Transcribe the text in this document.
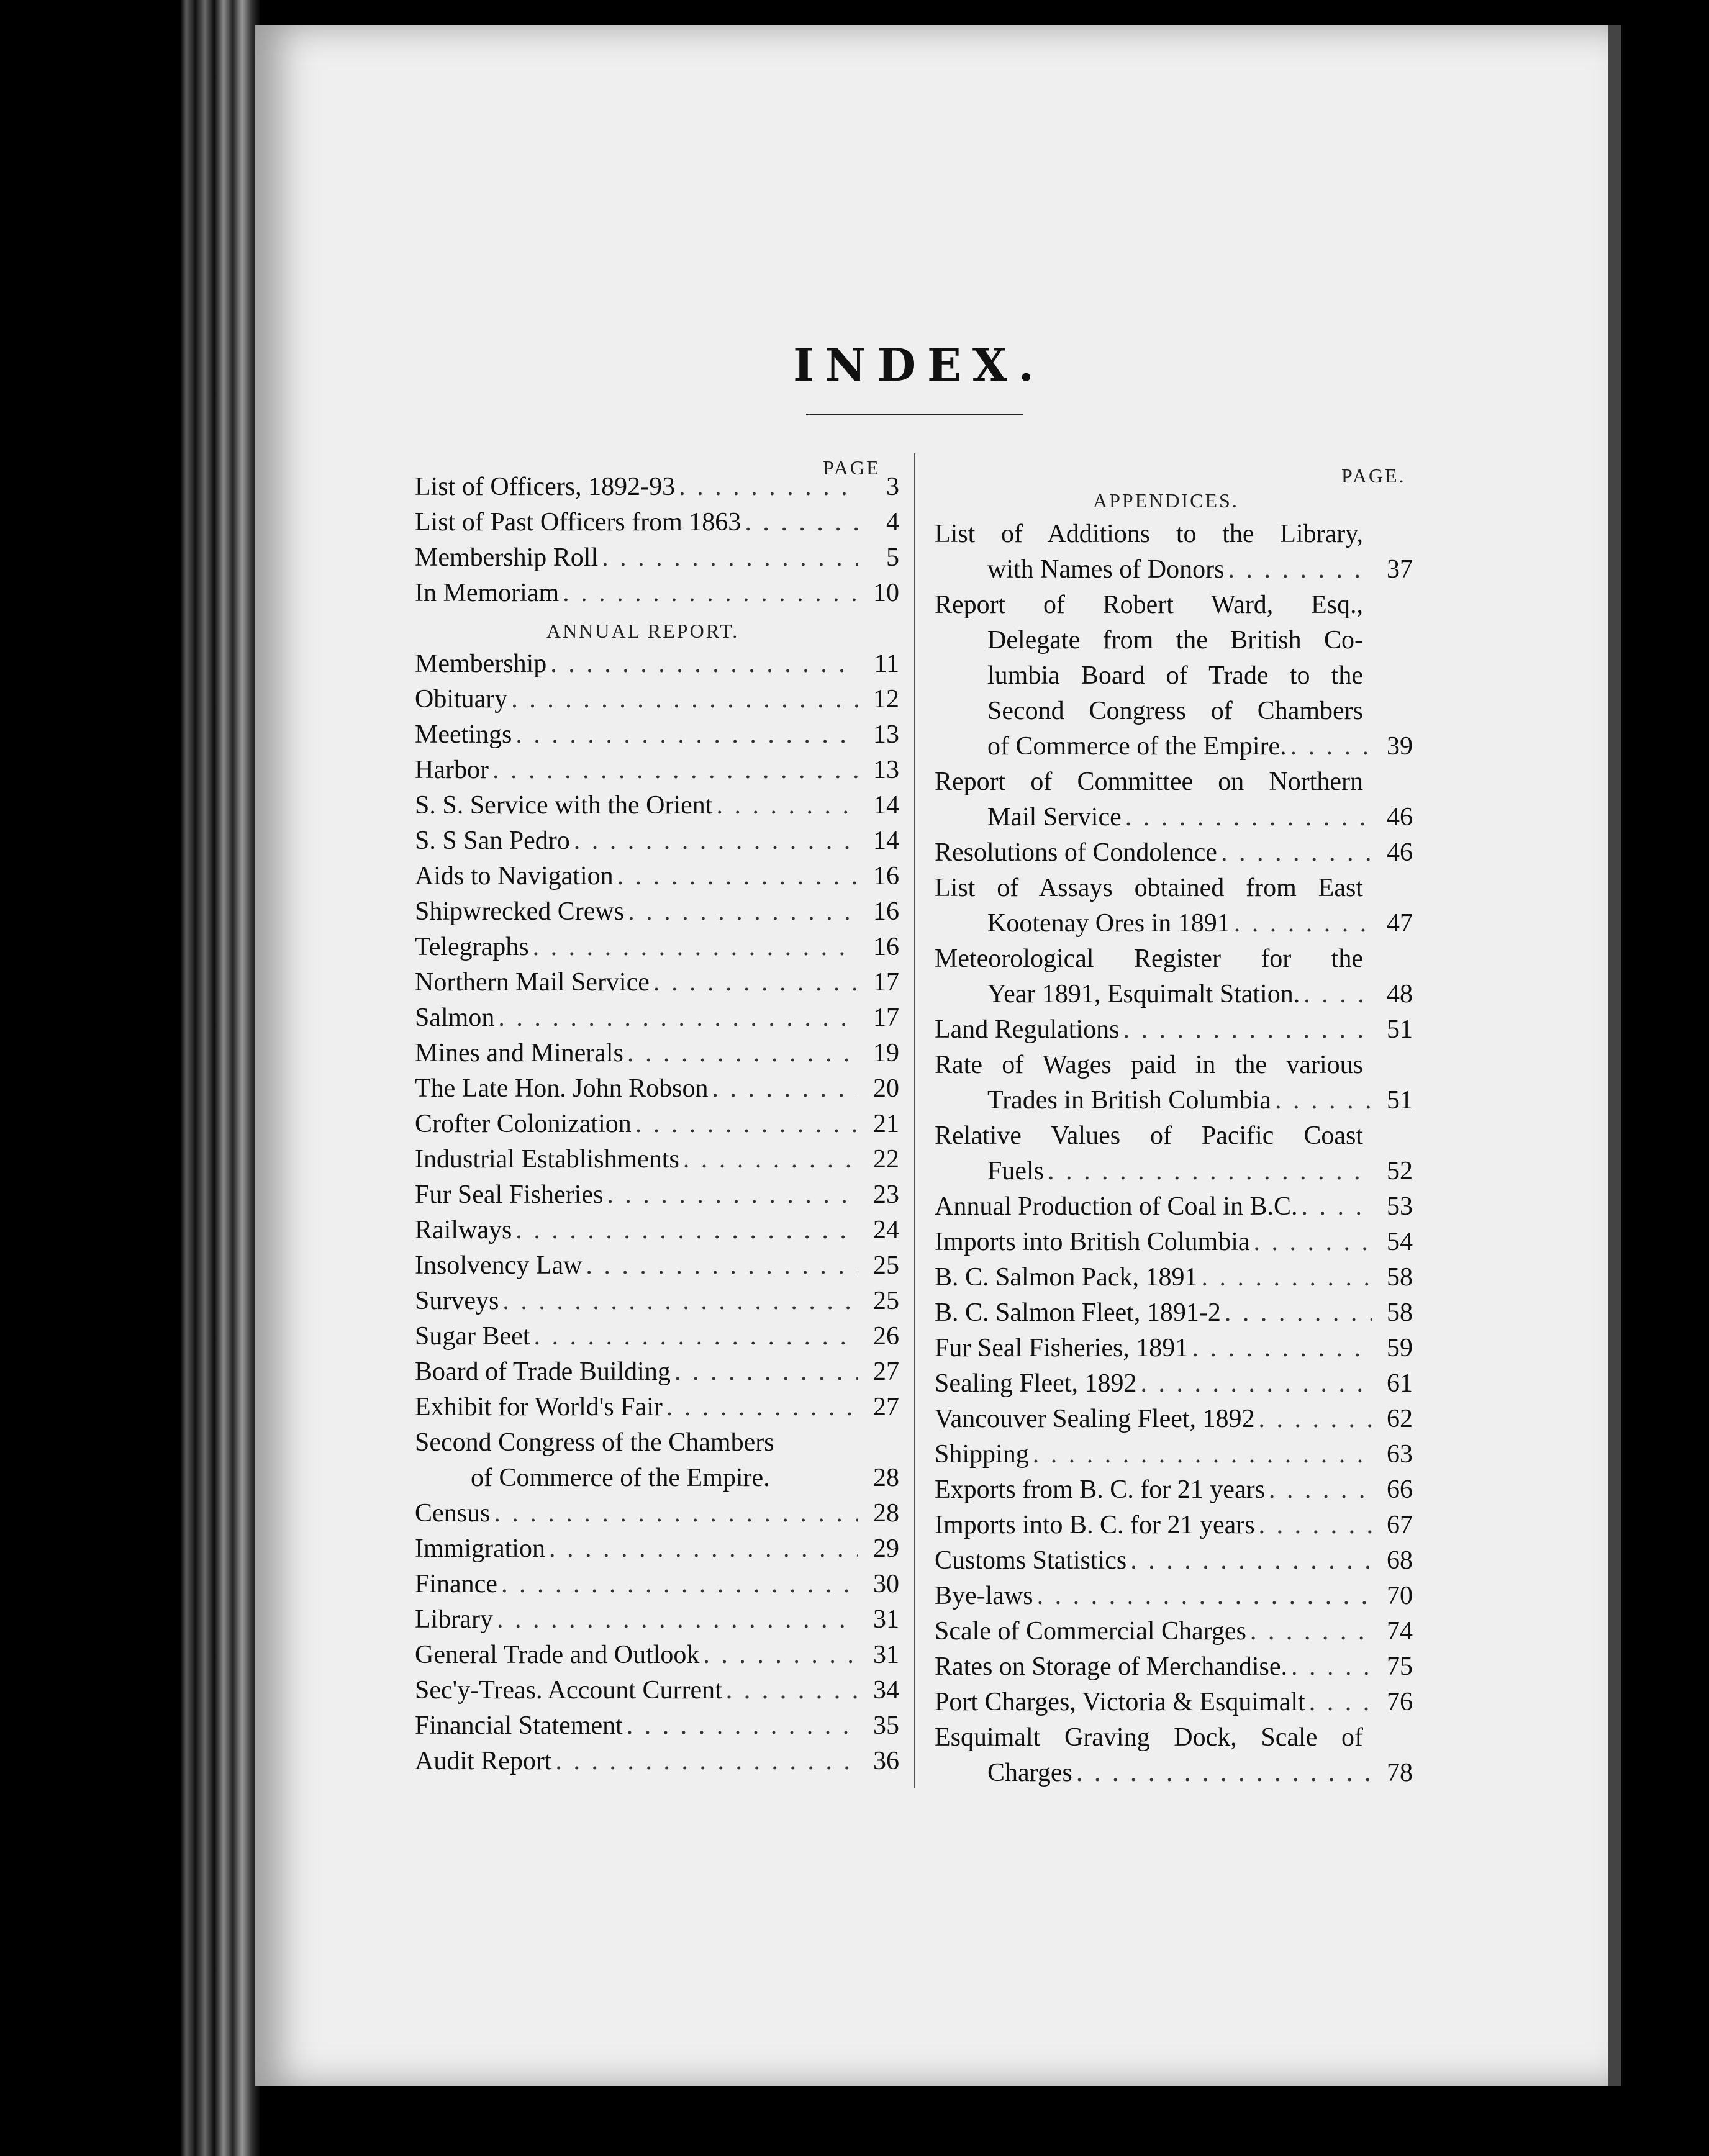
INDEX.
PAGE	PAGE.
List of Officers, 1892-93 . . .	3
List of Past Officers from 1863 . . .	4
Membership Roll . . .	5
In Memoriam . . .	10
ANNUAL REPORT.
Membership . . .	11
Obituary . . .	12
Meetings . . .	13
Harbor . . .	13
S. S. Service with the Orient . . .	14
S. S San Pedro . . .	14
Aids to Navigation . . .	16
Shipwrecked Crews . . .	16
Telegraphs . . .	16
Northern Mail Service . . .	17
Salmon . . .	17
Mines and Minerals . . .	19
The Late Hon. John Robson . . .	20
Crofter Colonization . . .	21
Industrial Establishments . . .	22
Fur Seal Fisheries . . .	23
Railways . . .	24
Insolvency Law . . .	25
Surveys . . .	25
Sugar Beet . . .	26
Board of Trade Building . . .	27
Exhibit for World's Fair . . .	27
Second Congress of the Chambers
of Commerce of the Empire.	28
Census . . .	28
Immigration . . .	29
Finance . . .	30
Library . . .	31
General Trade and Outlook . . .	31
Sec'y-Treas. Account Current . . .	34
Financial Statement . . .	35
Audit Report . . .	36
APPENDICES.
List of Additions to the Library,
with Names of Donors . . .	37
Report of Robert Ward, Esq.,
Delegate from the British Co-
lumbia Board of Trade to the
Second Congress of Chambers
of Commerce of the Empire. . . .	39
Report of Committee on Northern
Mail Service . . .	46
Resolutions of Condolence . . .	46
List of Assays obtained from East
Kootenay Ores in 1891 . . .	47
Meteorological Register for the
Year 1891, Esquimalt Station. . . .	48
Land Regulations . . .	51
Rate of Wages paid in the various
Trades in British Columbia . . .	51
Relative Values of Pacific Coast
Fuels . . .	52
Annual Production of Coal in B.C. . . .	53
Imports into British Columbia . . .	54
B. C. Salmon Pack, 1891 . . .	58
B. C. Salmon Fleet, 1891-2 . . .	58
Fur Seal Fisheries, 1891 . . .	59
Sealing Fleet, 1892 . . .	61
Vancouver Sealing Fleet, 1892 . . .	62
Shipping . . .	63
Exports from B. C. for 21 years . . .	66
Imports into B. C. for 21 years . . .	67
Customs Statistics . . .	68
Bye-laws . . .	70
Scale of Commercial Charges . . .	74
Rates on Storage of Merchandise. . . .	75
Port Charges, Victoria & Esquimalt . . .	76
Esquimalt Graving Dock, Scale of
Charges . . .	78
